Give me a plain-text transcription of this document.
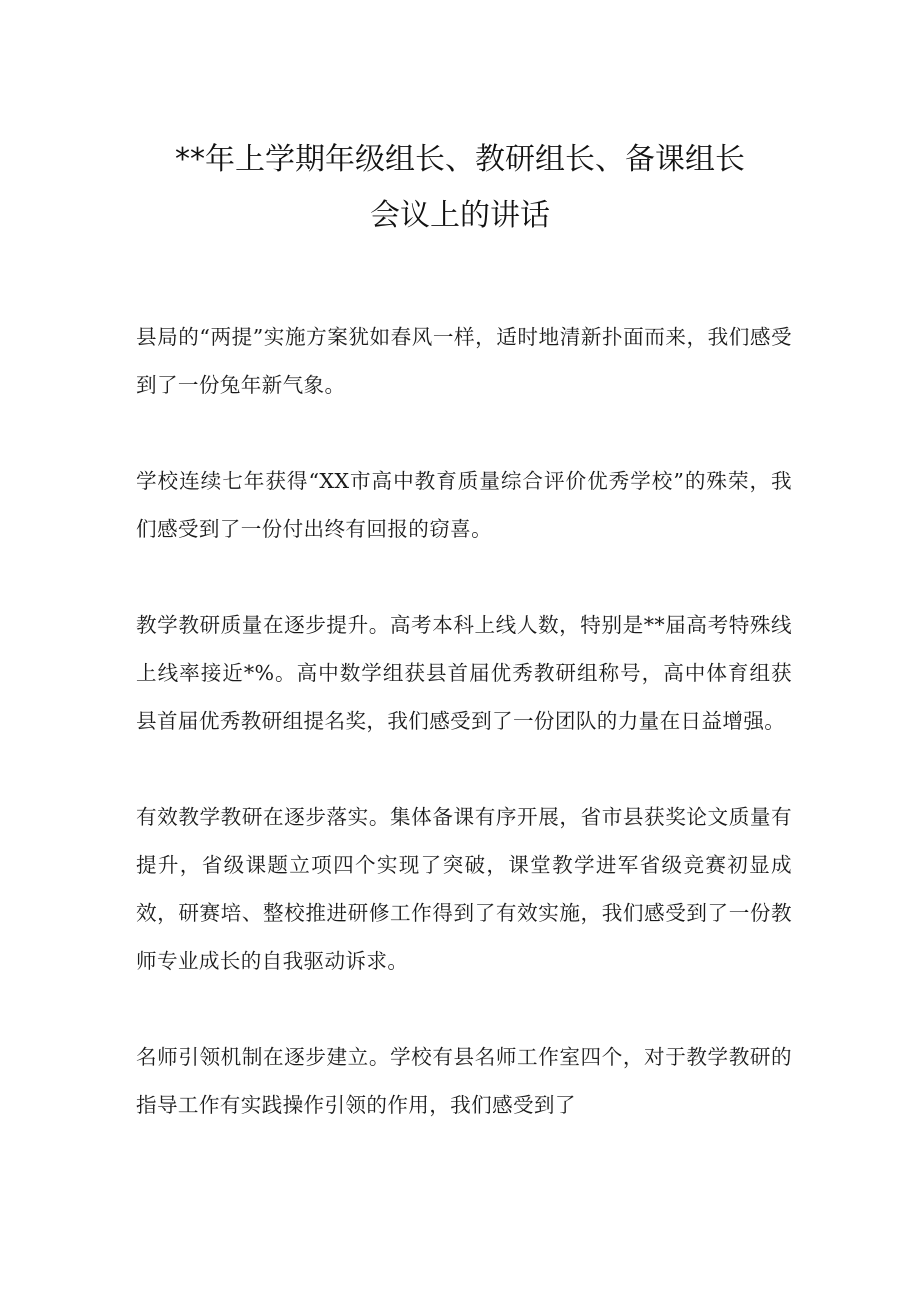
**年上学期年级组长、教研组长、备课组长
会议上的讲话

县局的“两提”实施方案犹如春风一样，适时地清新扑面而来，我们感受到了一份兔年新气象。

学校连续七年获得“XX市高中教育质量综合评价优秀学校”的殊荣，我们感受到了一份付出终有回报的窃喜。

教学教研质量在逐步提升。高考本科上线人数，特别是**届高考特殊线上线率接近*%。高中数学组获县首届优秀教研组称号，高中体育组获县首届优秀教研组提名奖，我们感受到了一份团队的力量在日益增强。

有效教学教研在逐步落实。集体备课有序开展，省市县获奖论文质量有提升，省级课题立项四个实现了突破，课堂教学进军省级竞赛初显成效，研赛培、整校推进研修工作得到了有效实施，我们感受到了一份教师专业成长的自我驱动诉求。

名师引领机制在逐步建立。学校有县名师工作室四个，对于教学教研的指导工作有实践操作引领的作用，我们感受到了
